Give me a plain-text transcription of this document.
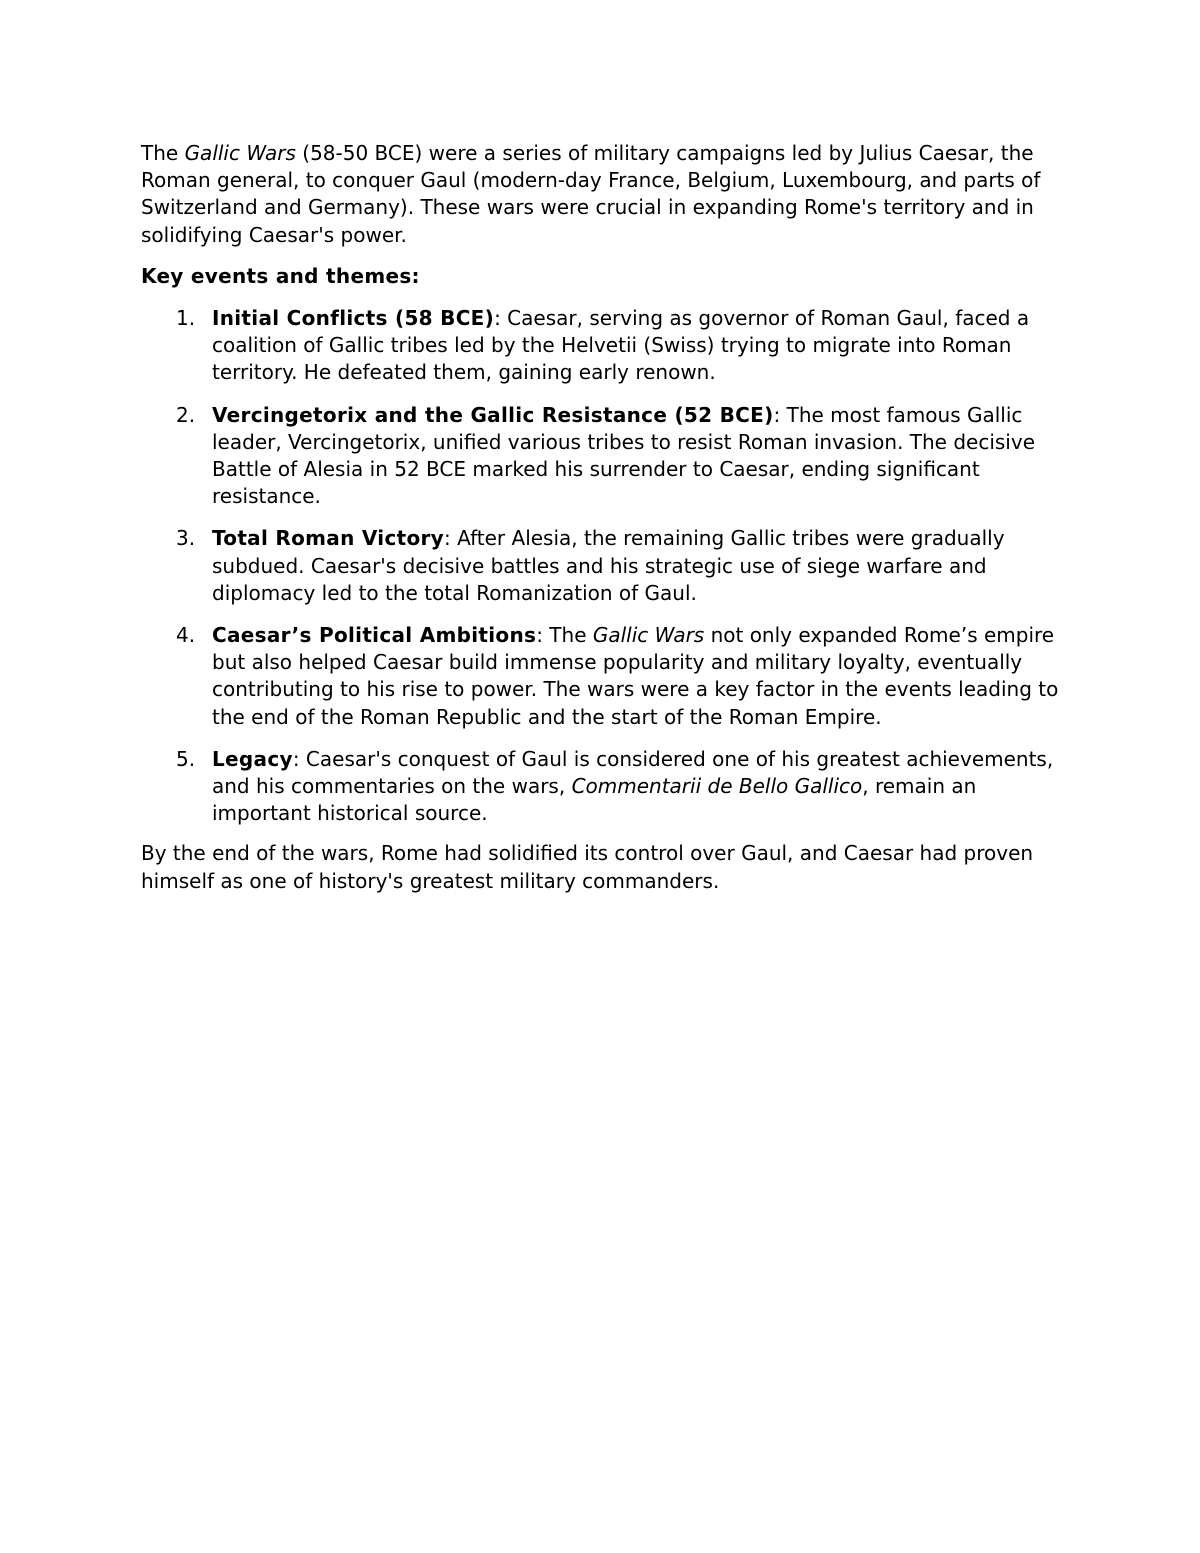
The Gallic Wars (58-50 BCE) were a series of military campaigns led by Julius Caesar, the Roman general, to conquer Gaul (modern-day France, Belgium, Luxembourg, and parts of Switzerland and Germany). These wars were crucial in expanding Rome's territory and in solidifying Caesar's power.

Key events and themes:

1. Initial Conflicts (58 BCE): Caesar, serving as governor of Roman Gaul, faced a coalition of Gallic tribes led by the Helvetii (Swiss) trying to migrate into Roman territory. He defeated them, gaining early renown.
2. Vercingetorix and the Gallic Resistance (52 BCE): The most famous Gallic leader, Vercingetorix, unified various tribes to resist Roman invasion. The decisive Battle of Alesia in 52 BCE marked his surrender to Caesar, ending significant resistance.
3. Total Roman Victory: After Alesia, the remaining Gallic tribes were gradually subdued. Caesar's decisive battles and his strategic use of siege warfare and diplomacy led to the total Romanization of Gaul.
4. Caesar’s Political Ambitions: The Gallic Wars not only expanded Rome’s empire but also helped Caesar build immense popularity and military loyalty, eventually contributing to his rise to power. The wars were a key factor in the events leading to the end of the Roman Republic and the start of the Roman Empire.
5. Legacy: Caesar's conquest of Gaul is considered one of his greatest achievements, and his commentaries on the wars, Commentarii de Bello Gallico, remain an important historical source.

By the end of the wars, Rome had solidified its control over Gaul, and Caesar had proven himself as one of history's greatest military commanders.
